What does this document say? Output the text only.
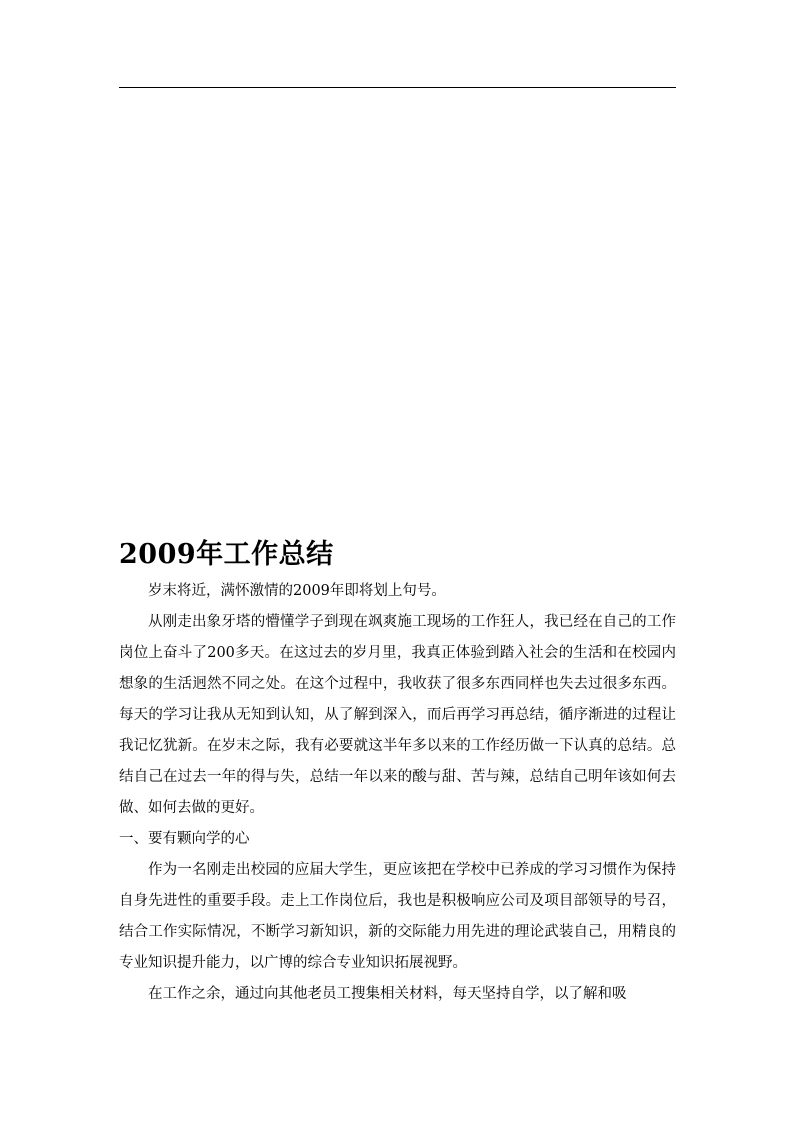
2009年工作总结

岁末将近，满怀激情的2009年即将划上句号。

从刚走出象牙塔的懵懂学子到现在飒爽施工现场的工作狂人，我已经在自己的工作岗位上奋斗了200多天。在这过去的岁月里，我真正体验到踏入社会的生活和在校园内想象的生活迥然不同之处。在这个过程中，我收获了很多东西同样也失去过很多东西。每天的学习让我从无知到认知，从了解到深入，而后再学习再总结，循序渐进的过程让我记忆犹新。在岁末之际，我有必要就这半年多以来的工作经历做一下认真的总结。总结自己在过去一年的得与失，总结一年以来的酸与甜、苦与辣，总结自己明年该如何去做、如何去做的更好。

一、要有颗向学的心

作为一名刚走出校园的应届大学生，更应该把在学校中已养成的学习习惯作为保持自身先进性的重要手段。走上工作岗位后，我也是积极响应公司及项目部领导的号召，结合工作实际情况，不断学习新知识，新的交际能力用先进的理论武装自己，用精良的专业知识提升能力，以广博的综合专业知识拓展视野。

在工作之余，通过向其他老员工搜集相关材料，每天坚持自学，以了解和吸
